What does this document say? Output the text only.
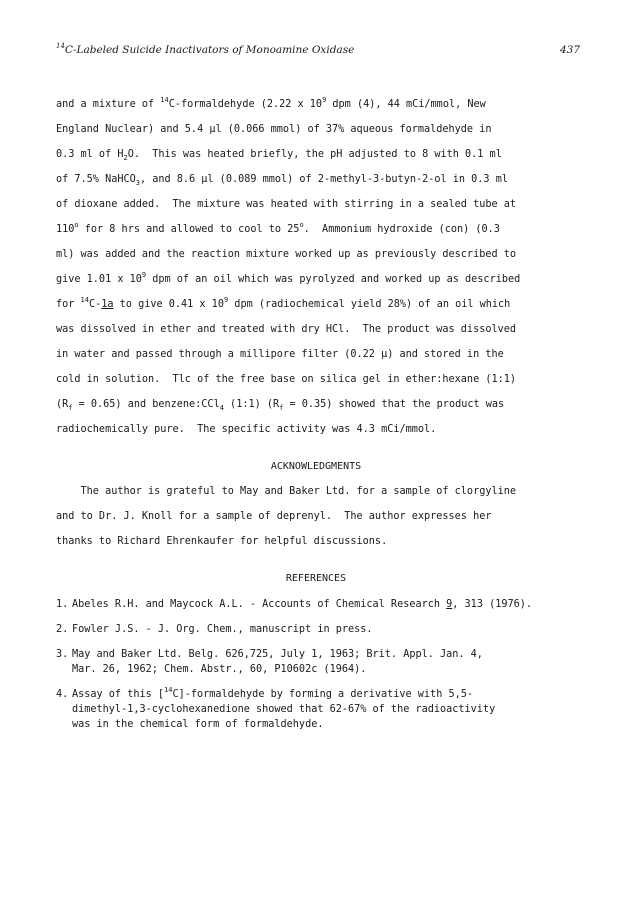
$^{14}$C-Labeled Suicide Inactivators of Monoamine Oxidase	437
and a mixture of $^{14}$C-formaldehyde (2.22 x $10^9$ dpm (4), 44 mCi/mmol, New
England Nuclear) and 5.4 µl (0.066 mmol) of 37% aqueous formaldehyde in
0.3 ml of $H_2O$.  This was heated briefly, the pH adjusted to 8 with 0.1 ml
of 7.5% NaHCO$_3$, and 8.6 µl (0.089 mmol) of 2-methyl-3-butyn-2-ol in 0.3 ml
of dioxane added.  The mixture was heated with stirring in a sealed tube at
110$^o$ for 8 hrs and allowed to cool to 25$^o$.  Ammonium hydroxide (con) (0.3
ml) was added and the reaction mixture worked up as previously described to
give 1.01 x $10^9$ dpm of an oil which was pyrolyzed and worked up as described
for $^{14}$C-1a to give 0.41 x $10^9$ dpm (radiochemical yield 28%) of an oil which
was dissolved in ether and treated with dry HCl.  The product was dissolved
in water and passed through a millipore filter (0.22 µ) and stored in the
cold in solution.  Tlc of the free base on silica gel in ether:hexane (1:1)
$(R_f = 0.65)$ and benzene:CCl$_4$ (1:1) $(R_f = 0.35)$ showed that the product was
radiochemically pure.  The specific activity was 4.3 mCi/mmol.
ACKNOWLEDGMENTS
The author is grateful to May and Baker Ltd. for a sample of clorgyline
and to Dr. J. Knoll for a sample of deprenyl.  The author expresses her
thanks to Richard Ehrenkaufer for helpful discussions.
REFERENCES
1. Abeles R.H. and Maycock A.L. - Accounts of Chemical Research 9, 313 (1976).
2. Fowler J.S. - J. Org. Chem., manuscript in press.
3. May and Baker Ltd. Belg. 626,725, July 1, 1963; Brit. Appl. Jan. 4,
Mar. 26, 1962; Chem. Abstr., 60, P10602c (1964).
4. Assay of this [$^{14}$C]-formaldehyde by forming a derivative with 5,5-
dimethyl-1,3-cyclohexanedione showed that 62-67% of the radioactivity
was in the chemical form of formaldehyde.
